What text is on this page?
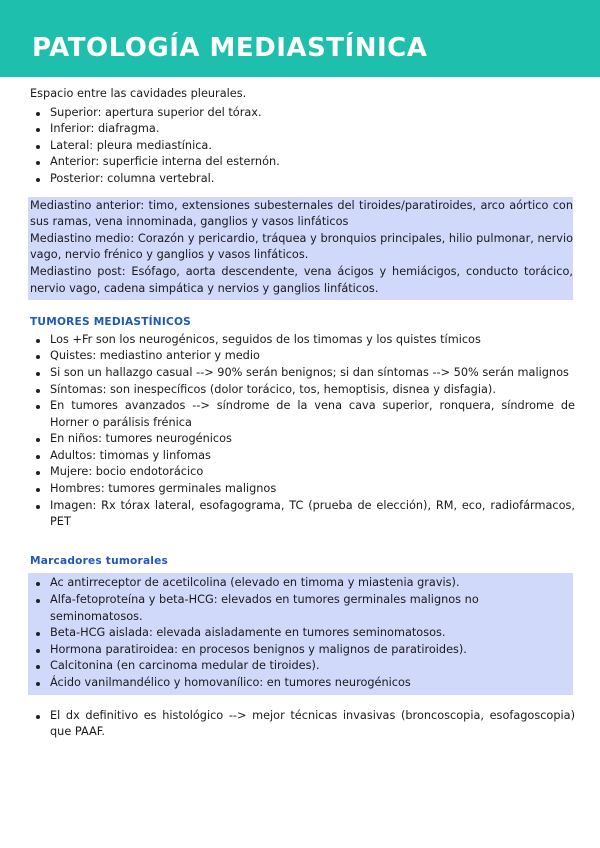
PATOLOGÍA MEDIASTÍNICA
Espacio entre las cavidades pleurales.
Superior: apertura superior del tórax.
Inferior: diafragma.
Lateral: pleura mediastínica.
Anterior: superficie interna del esternón.
Posterior: columna vertebral.

Mediastino anterior: timo, extensiones subesternales del tiroides/paratiroides, arco aórtico con sus ramas, vena innominada, ganglios y vasos linfáticos

Mediastino medio: Corazón y pericardio, tráquea y bronquios principales, hilio pulmonar, nervio vago, nervio frénico y ganglios y vasos linfáticos.

Mediastino post: Esófago, aorta descendente, vena ácigos y hemiácigos, conducto torácico, nervio vago, cadena simpática y nervios y ganglios linfáticos.

TUMORES MEDIASTÍNICOS
Los +Fr son los neurogénicos, seguidos de los timomas y los quistes tímicos
Quistes: mediastino anterior y medio
Si son un hallazgo casual --> 90% serán benignos; si dan síntomas --> 50% serán malignos
Síntomas: son inespecíficos (dolor torácico, tos, hemoptisis, disnea y disfagia).
En tumores avanzados --> síndrome de la vena cava superior, ronquera, síndrome de Horner o parálisis frénica
En niños: tumores neurogénicos
Adultos: timomas y linfomas
Mujere: bocio endotorácico
Hombres: tumores germinales malignos
Imagen: Rx tórax lateral, esofagograma, TC (prueba de elección), RM, eco, radiofármacos, PET
Marcadores tumorales
Ac antirreceptor de acetilcolina (elevado en timoma y miastenia gravis).
Alfa-fetoproteína y beta-HCG: elevados en tumores germinales malignos no seminomatosos.
Beta-HCG aislada: elevada aisladamente en tumores seminomatosos.
Hormona paratiroidea: en procesos benignos y malignos de paratiroides).
Calcitonina (en carcinoma medular de tiroides).
Ácido vanilmandélico y homovanílico: en tumores neurogénicos
El dx definitivo es histológico --> mejor técnicas invasivas (broncoscopia, esofagoscopia) que PAAF.
